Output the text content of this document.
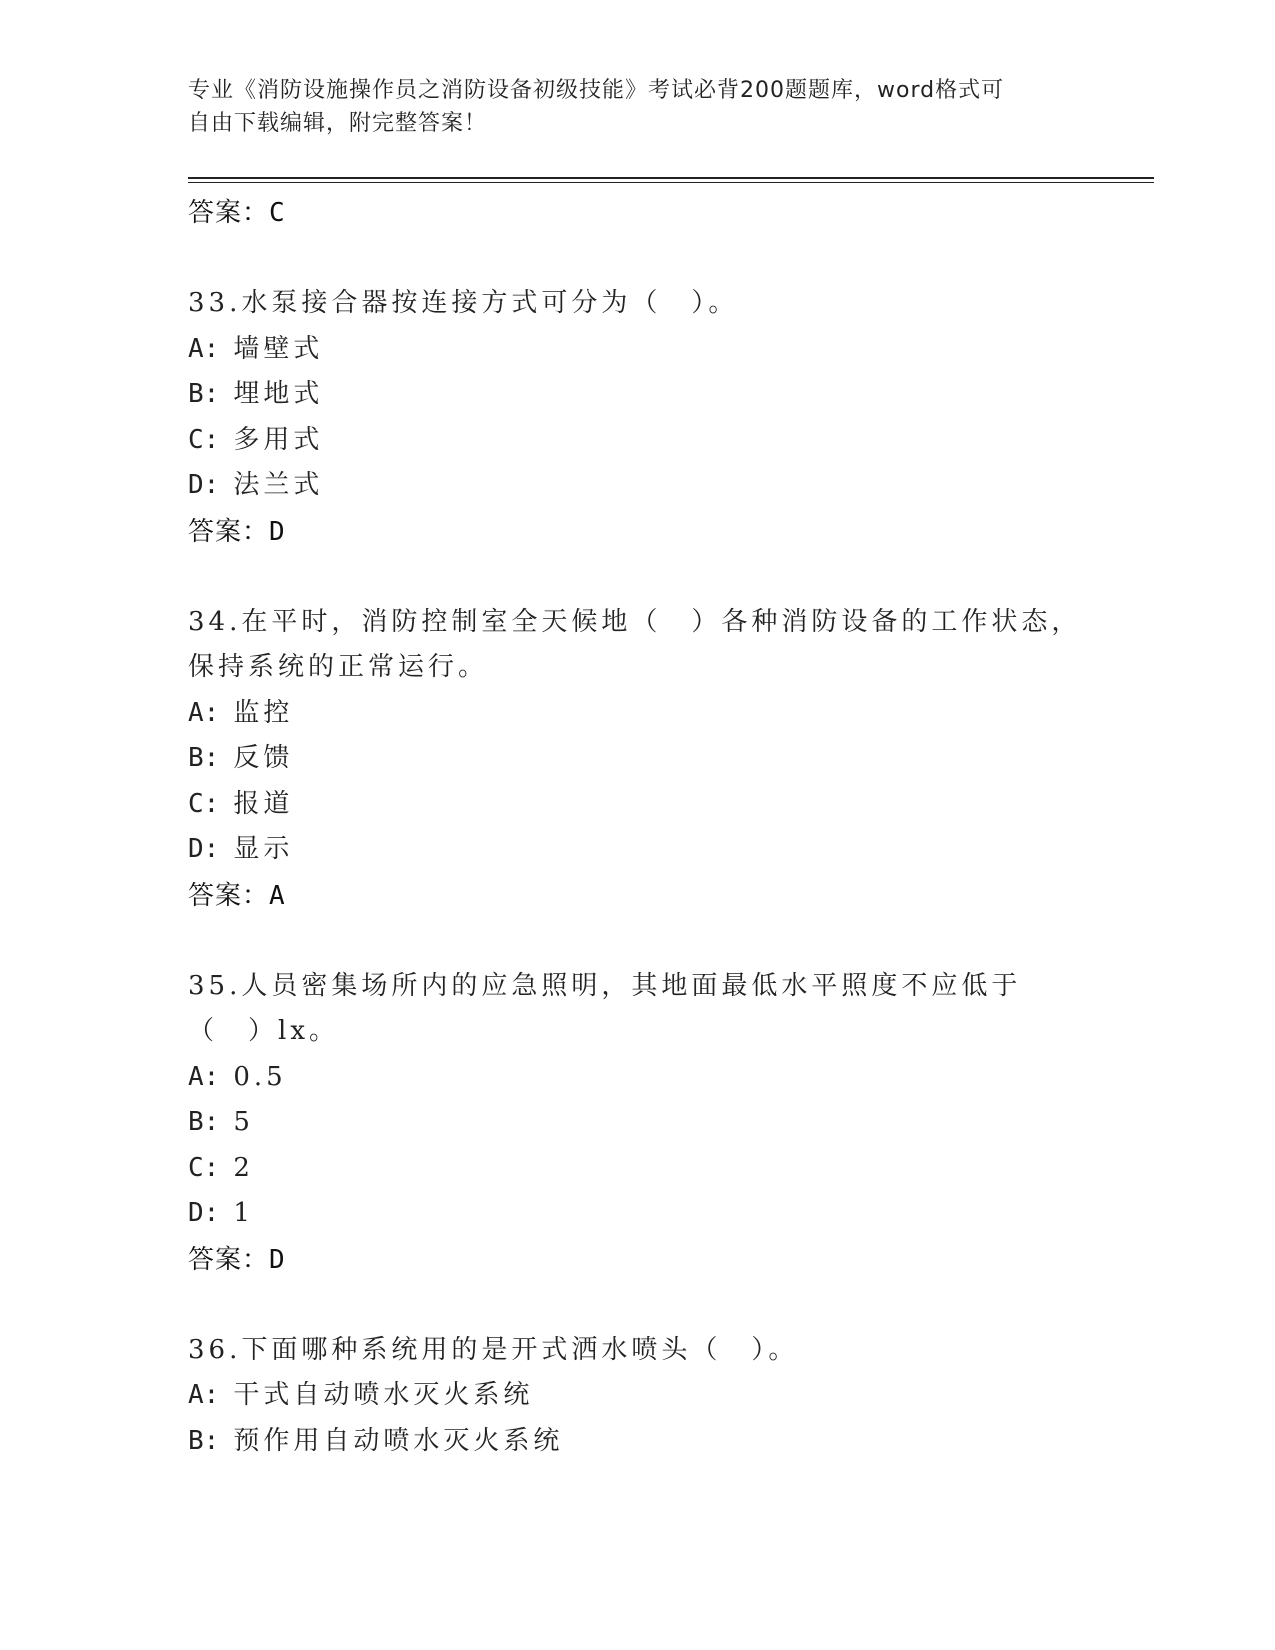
专业《消防设施操作员之消防设备初级技能》考试必背200题题库，word格式可
自由下载编辑，附完整答案！
答案：C
33.水泵接合器按连接方式可分为（　）。
A: 墙壁式
B: 埋地式
C: 多用式
D: 法兰式
答案：D
34.在平时，消防控制室全天候地（　）各种消防设备的工作状态，保持系统的正常运行。
A: 监控
B: 反馈
C: 报道
D: 显示
答案：A
35.人员密集场所内的应急照明，其地面最低水平照度不应低于（　）lx。
A: 0.5
B: 5
C: 2
D: 1
答案：D
36.下面哪种系统用的是开式洒水喷头（　）。
A: 干式自动喷水灭火系统
B: 预作用自动喷水灭火系统
